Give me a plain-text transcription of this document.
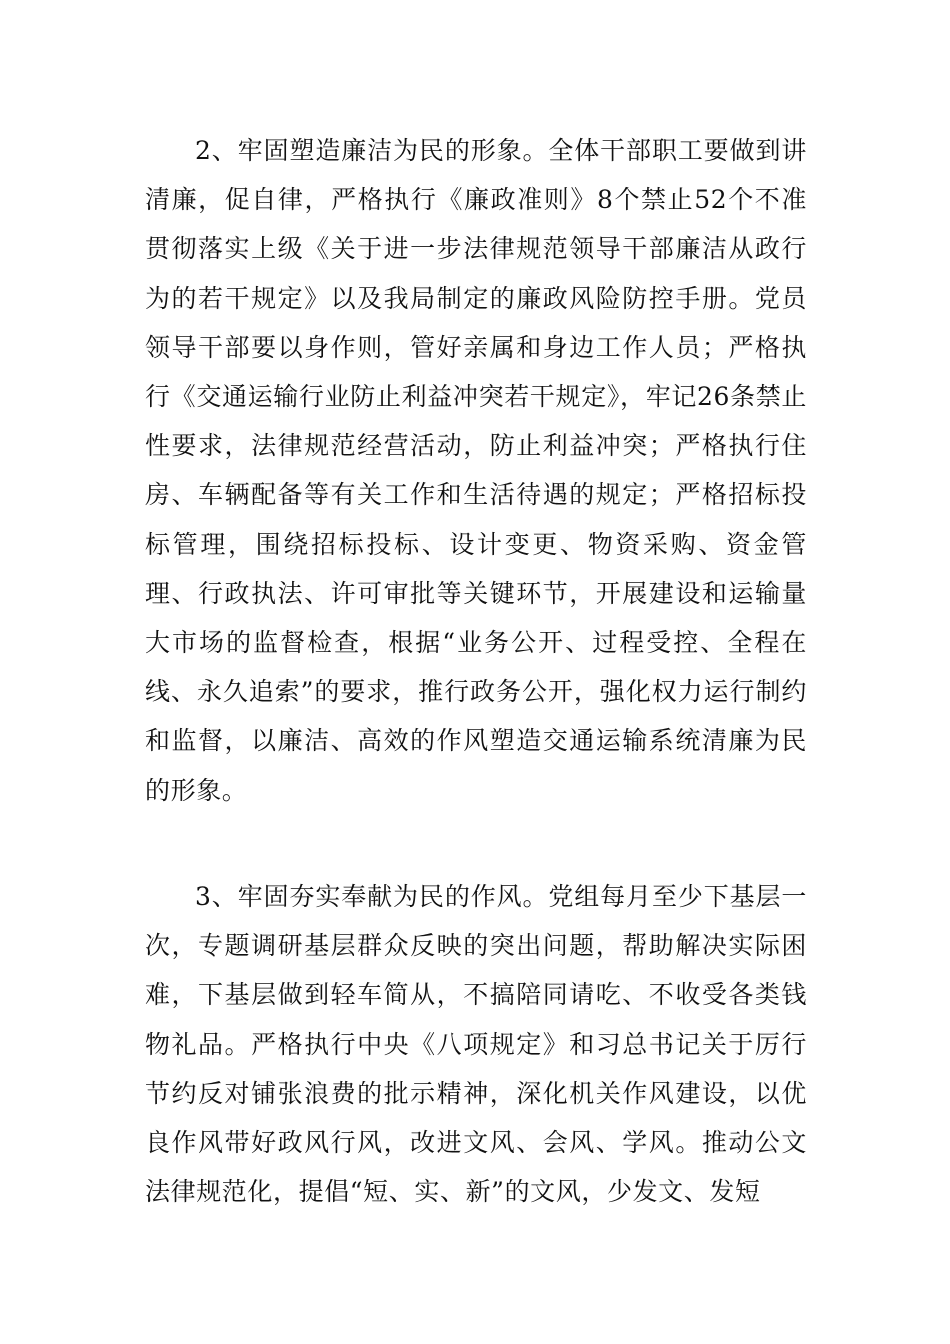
2、牢固塑造廉洁为民的形象。全体干部职工要做到讲清廉，促自律，严格执行《廉政准则》8个禁止52个不准贯彻落实上级《关于进一步法律规范领导干部廉洁从政行为的若干规定》以及我局制定的廉政风险防控手册。党员领导干部要以身作则，管好亲属和身边工作人员；严格执行《交通运输行业防止利益冲突若干规定》，牢记26条禁止性要求，法律规范经营活动，防止利益冲突；严格执行住房、车辆配备等有关工作和生活待遇的规定；严格招标投标管理，围绕招标投标、设计变更、物资采购、资金管理、行政执法、许可审批等关键环节，开展建设和运输量大市场的监督检查，根据“业务公开、过程受控、全程在线、永久追索”的要求，推行政务公开，强化权力运行制约和监督，以廉洁、高效的作风塑造交通运输系统清廉为民的形象。

3、牢固夯实奉献为民的作风。党组每月至少下基层一次，专题调研基层群众反映的突出问题，帮助解决实际困难，下基层做到轻车简从，不搞陪同请吃、不收受各类钱物礼品。严格执行中央《八项规定》和习总书记关于厉行节约反对铺张浪费的批示精神，深化机关作风建设，以优良作风带好政风行风，改进文风、会风、学风。推动公文法律规范化，提倡“短、实、新”的文风，少发文、发短
